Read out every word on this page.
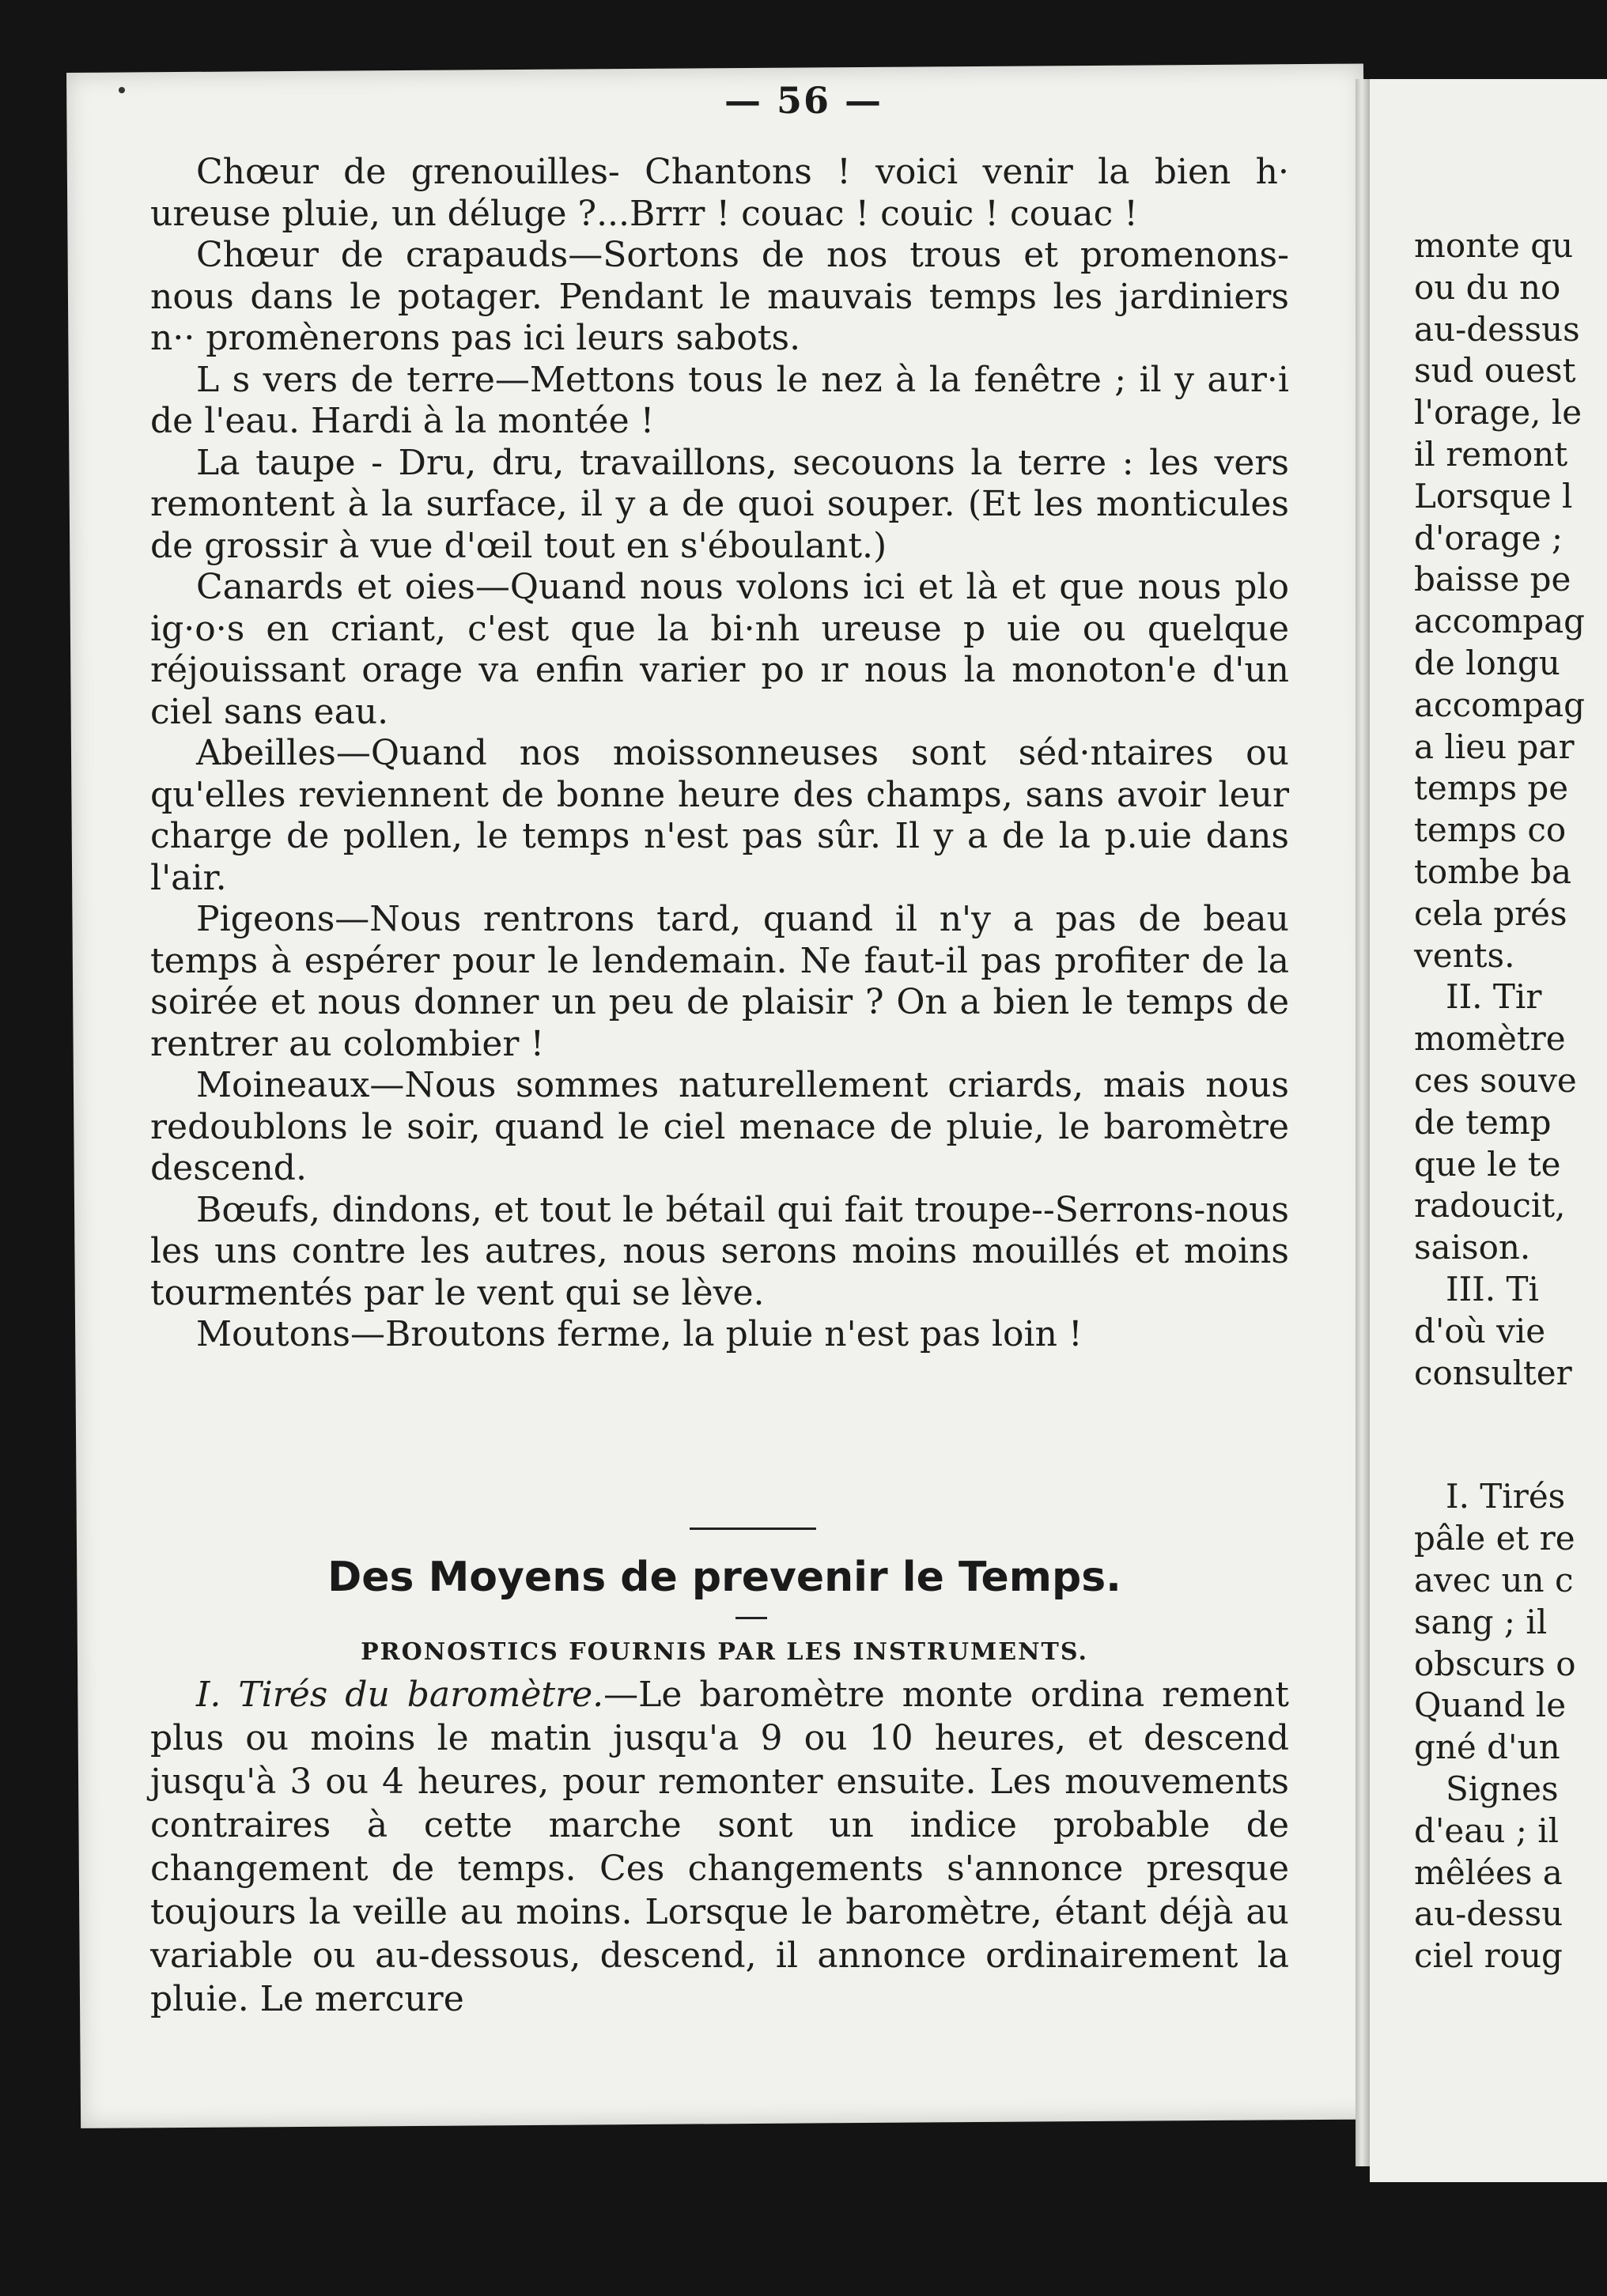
monte qu
ou du no
au-dessus
sud ouest
l'orage, le
il remont
Lorsque l
d'orage ;
baisse pe
accompag
de longu
accompag
a lieu par
temps pe
temps co
tombe ba
cela prés
vents.
II. Tir
momètre
ces souve
de temp
que le te
radoucit,
saison.
III. Ti
d'où vie
consulter
I. Tirés
pâle et re
avec un c
sang ; il
obscurs o
Quand le
gné d'un
Signes
d'eau ; il
mêlées a
au-dessu
ciel roug
— 56 —

Chœur de grenouilles- Chantons ! voici venir la bien h· ureuse pluie, un déluge ?...Brrr ! couac ! couic ! couac !

Chœur de crapauds—Sortons de nos trous et promenons-nous dans le potager. Pendant le mauvais temps les jardiniers n·· promènerons pas ici leurs sabots.

L s vers de terre—Mettons tous le nez à la fenêtre ; il y aur·i de l'eau. Hardi à la montée !

La taupe - Dru, dru, travaillons, secouons la terre : les vers remontent à la surface, il y a de quoi souper. (Et les monticules de grossir à vue d'œil tout en s'éboulant.)

Canards et oies—Quand nous volons ici et là et que nous plo ig·o·s en criant, c'est que la bi·nh ureuse p uie ou quelque réjouissant orage va enfin varier po ır nous la monoton'e d'un ciel sans eau.

Abeilles—Quand nos moissonneuses sont séd·ntaires ou qu'elles reviennent de bonne heure des champs, sans avoir leur charge de pollen, le temps n'est pas sûr. Il y a de la p.uie dans l'air.

Pigeons—Nous rentrons tard, quand il n'y a pas de beau temps à espérer pour le lendemain. Ne faut-il pas profiter de la soirée et nous donner un peu de plaisir ? On a bien le temps de rentrer au colombier !

Moineaux—Nous sommes naturellement criards, mais nous redoublons le soir, quand le ciel menace de pluie, le baromètre descend.

Bœufs, dindons, et tout le bétail qui fait troupe--Serrons-nous les uns contre les autres, nous serons moins mouillés et moins tourmentés par le vent qui se lève.

Moutons—Broutons ferme, la pluie n'est pas loin !

Des Moyens de prevenir le Temps.
PRONOSTICS FOURNIS PAR LES INSTRUMENTS.

I. Tirés du baromètre.—Le baromètre monte ordina rement plus ou moins le matin jusqu'a 9 ou 10 heures, et descend jusqu'à 3 ou 4 heures, pour remonter ensuite. Les mouvements contraires à cette marche sont un indice probable de changement de temps. Ces changements s'annonce presque toujours la veille au moins. Lorsque le baromètre, étant déjà au variable ou au-dessous, descend, il annonce ordinairement la pluie. Le mercure
